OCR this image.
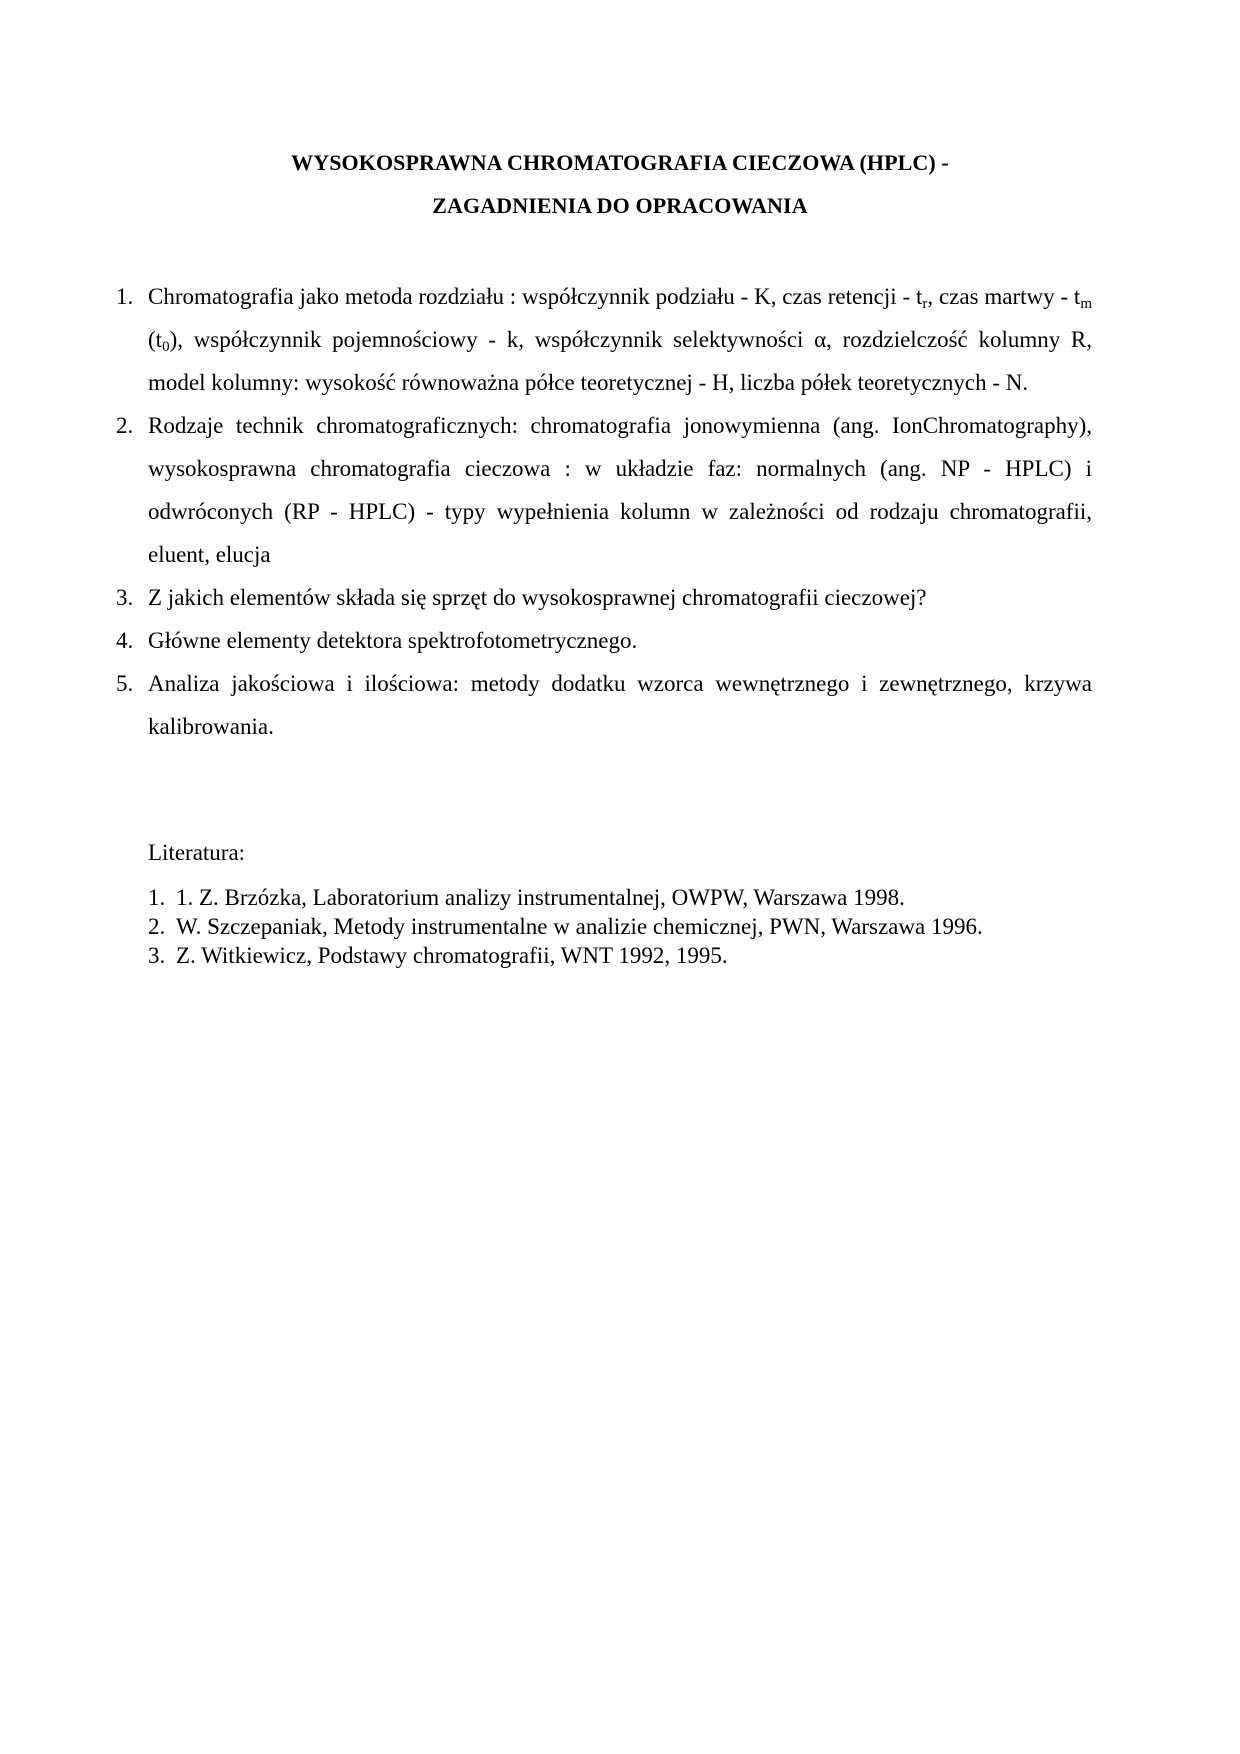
WYSOKOSPRAWNA CHROMATOGRAFIA CIECZOWA (HPLC) -
ZAGADNIENIA DO OPRACOWANIA
1. Chromatografia jako metoda rozdziału : współczynnik podziału - K, czas retencji - $t_r$, czas martwy - $t_m$ $(t_0)$, współczynnik pojemnościowy - k, współczynnik selektywności α, rozdzielczość kolumny R, model kolumny: wysokość równoważna półce teoretycznej - H, liczba półek teoretycznych - N.
2. Rodzaje technik chromatograficznych: chromatografia jonowymienna (ang. IonChromatography), wysokosprawna chromatografia cieczowa : w układzie faz: normalnych (ang. NP - HPLC) i odwróconych (RP - HPLC) - typy wypełnienia kolumn w zależności od rodzaju chromatografii, eluent, elucja
3. Z jakich elementów składa się sprzęt do wysokosprawnej chromatografii cieczowej?
4. Główne elementy detektora spektrofotometrycznego.
5. Analiza jakościowa i ilościowa: metody dodatku wzorca wewnętrznego i zewnętrznego, krzywa kalibrowania.
Literatura:
1. 1. Z. Brzózka, Laboratorium analizy instrumentalnej, OWPW, Warszawa 1998.
2. W. Szczepaniak, Metody instrumentalne w analizie chemicznej, PWN, Warszawa 1996.
3. Z. Witkiewicz, Podstawy chromatografii, WNT 1992, 1995.
